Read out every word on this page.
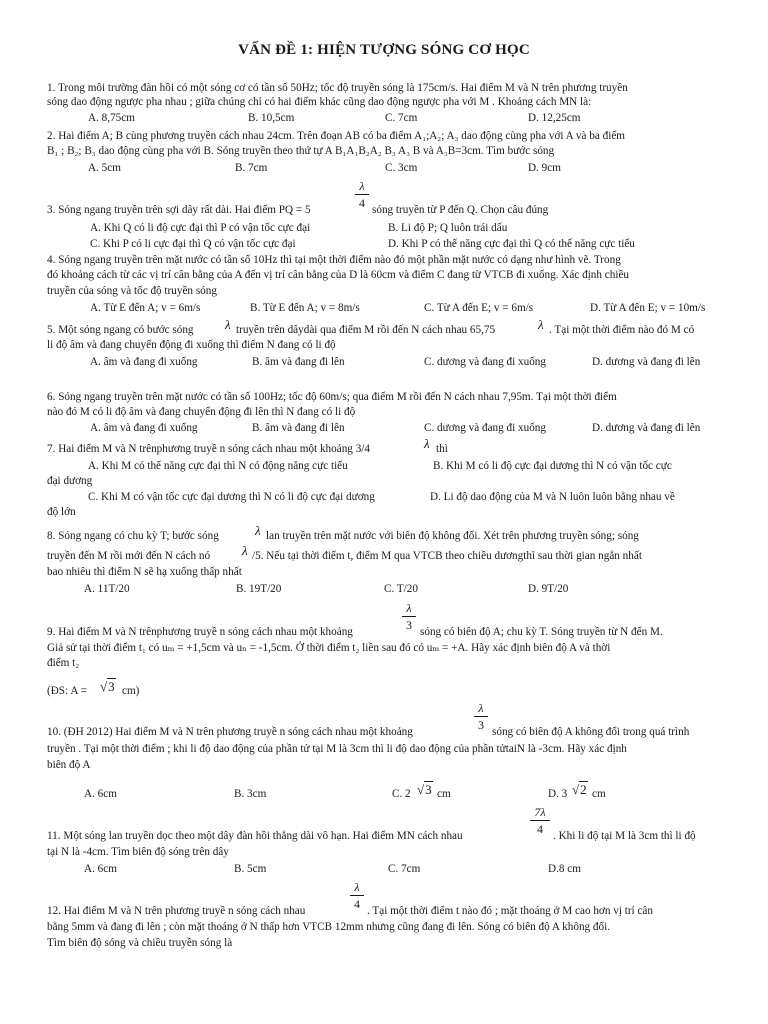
VẤN ĐỀ 1: HIỆN TƯỢNG SÓNG CƠ HỌC
1. Trong môi trường đàn hồi có một sóng cơ có tần số 50Hz; tốc độ truyền sóng là 175cm/s. Hai điểm M và N trên phương truyền
sóng dao động ngược pha nhau ; giữa chúng chỉ có hai điểm khác cũng dao động ngược pha với M . Khoảng cách MN là:
A. 8,75cm	B. 10,5cm	C. 7cm	D. 12,25cm
2. Hai điểm A; B cùng phương truyền cách nhau 24cm. Trên đoạn AB có ba điểm A₁;A₂; A₃ dao động cùng pha với A và ba điểm
B₁ ; B₂; B₃ dao động cùng pha với B. Sóng truyền theo thứ tự A B₁A₁B₂A₂ B₃ A₃ B và A₃B=3cm. Tìm bước sóng
A. 5cm	B. 7cm	C. 3cm	D. 9cm
3. Sóng ngang truyền trên sợi dây rất dài. Hai điểm PQ = 5	$\frac{\lambda}{4}$ sóng truyền từ P đến Q. Chọn câu đúng
A. Khi Q có li độ cực đại thì P có vận tốc cực đại	B. Li độ P; Q luôn trái dấu
C. Khi P có li cực đại thì Q có vận tốc cực đại	D. Khi P có thế năng cực đại thì Q có thế năng cực tiểu
4. Sóng ngang truyền trên mặt nước có tần số 10Hz thì tại một thời điểm nào đó một phần mặt nước có dạng như hình vẽ. Trong
đó khoảng cách từ các vị trí cân bằng của A đến vị trí cân bằng của D là 60cm và điểm C đang từ VTCB đi xuống. Xác định chiều
truyền của sóng và tốc độ truyền sóng
A. Từ E đến A; v = 6m/s	B. Từ E đến A; v = 8m/s	C. Từ A đến E; v = 6m/s	D. Từ A đến E; v = 10m/s
5. Một sóng ngang có bước sóng λ truyền trên dâydài qua điểm M rồi đến N cách nhau 65,75	λ . Tại một thời điểm nào đó M có
li độ âm và đang chuyển động đi xuống thì điểm N đang có li độ
A. âm và đang đi xuống	B. âm và đang đi lên	C. dương và đang đi xuống	D. dương và đang đi lên
6. Sóng ngang truyền trên mặt nước có tần số 100Hz; tốc độ 60m/s; qua điểm M rồi đến N cách nhau 7,95m. Tại một thời điểm
nào đó M có li độ âm và đang chuyển động đi lên thì N đang có li độ
A. âm và đang đi xuống	B. âm và đang đi lên	C. dương và đang đi xuống	D. dương và đang đi lên
7. Hai điểm M và N trênphương truyề n sóng cách nhau một khoảng 3/4	λ thì
A. Khi M có thế năng cực đại thì N có động năng cực tiểu	B. Khi M có li độ cực đại dương thì N có vận tốc cực
đại dương
C. Khi M có vận tốc cực đại dương thì N có li độ cực đại dương	D. Li độ dao động của M và N luôn luôn bằng nhau về
độ lớn
8. Sóng ngang có chu kỳ T; bước sóng	λ lan truyền trên mặt nước với biên độ không đổi. Xét trên phương truyền sóng; sóng
truyền đến M rồi mới đến N cách nó λ /5. Nếu tại thời điểm t, điểm M qua VTCB theo chiều dươngthì sau thời gian ngắn nhất
bao nhiêu thì điểm N sẽ hạ xuống thấp nhất
A. 11T/20	B. 19T/20	C. T/20	D. 9T/20
9. Hai điểm M và N trênphương truyề n sóng cách nhau một khoảng	$\frac{\lambda}{3}$ sóng có biên độ A; chu kỳ T. Sóng truyền từ N đến M.
Giả sử tại thời điểm t₁ có uₘ = +1,5cm và uₙ = -1,5cm. Ở thời điểm t₂ liền sau đó có uₘ = +A. Hãy xác định biên độ A và thời
điểm t₂
(ĐS: A = √3 cm)
10. (ĐH 2012) Hai điểm M và N trên phương truyề n sóng cách nhau một khoảng	$\frac{\lambda}{3}$ sóng có biên độ A không đổi trong quá trình
truyền . Tại một thời điểm ; khi li độ dao động của phần tử tại M là 3cm thì li độ dao động của phần tửtaiN là -3cm. Hãy xác định
biên độ A
A. 6cm	B. 3cm	C. 2 √3 cm	D. 3 √2 cm
11. Một sóng lan truyền dọc theo một dây đàn hồi thẳng dài vô hạn. Hai điểm MN cách nhau	$\frac{7\lambda}{4}$ . Khi li độ tại M là 3cm thì li độ
tại N là -4cm. Tìm biên độ sóng trên dây
A. 6cm	B. 5cm	C. 7cm	D.8 cm
12. Hai điểm M và N trên phương truyề n sóng cách nhau	$\frac{\lambda}{4}$ . Tại một thời điểm t nào đó ; mặt thoáng ở M cao hơn vị trí cân
bằng 5mm và đang đi lên ; còn mặt thoáng ở N thấp hơn VTCB 12mm nhưng cũng đang đi lên. Sóng có biên độ A không đổi.
Tìm biên độ sóng và chiều truyền sóng là
